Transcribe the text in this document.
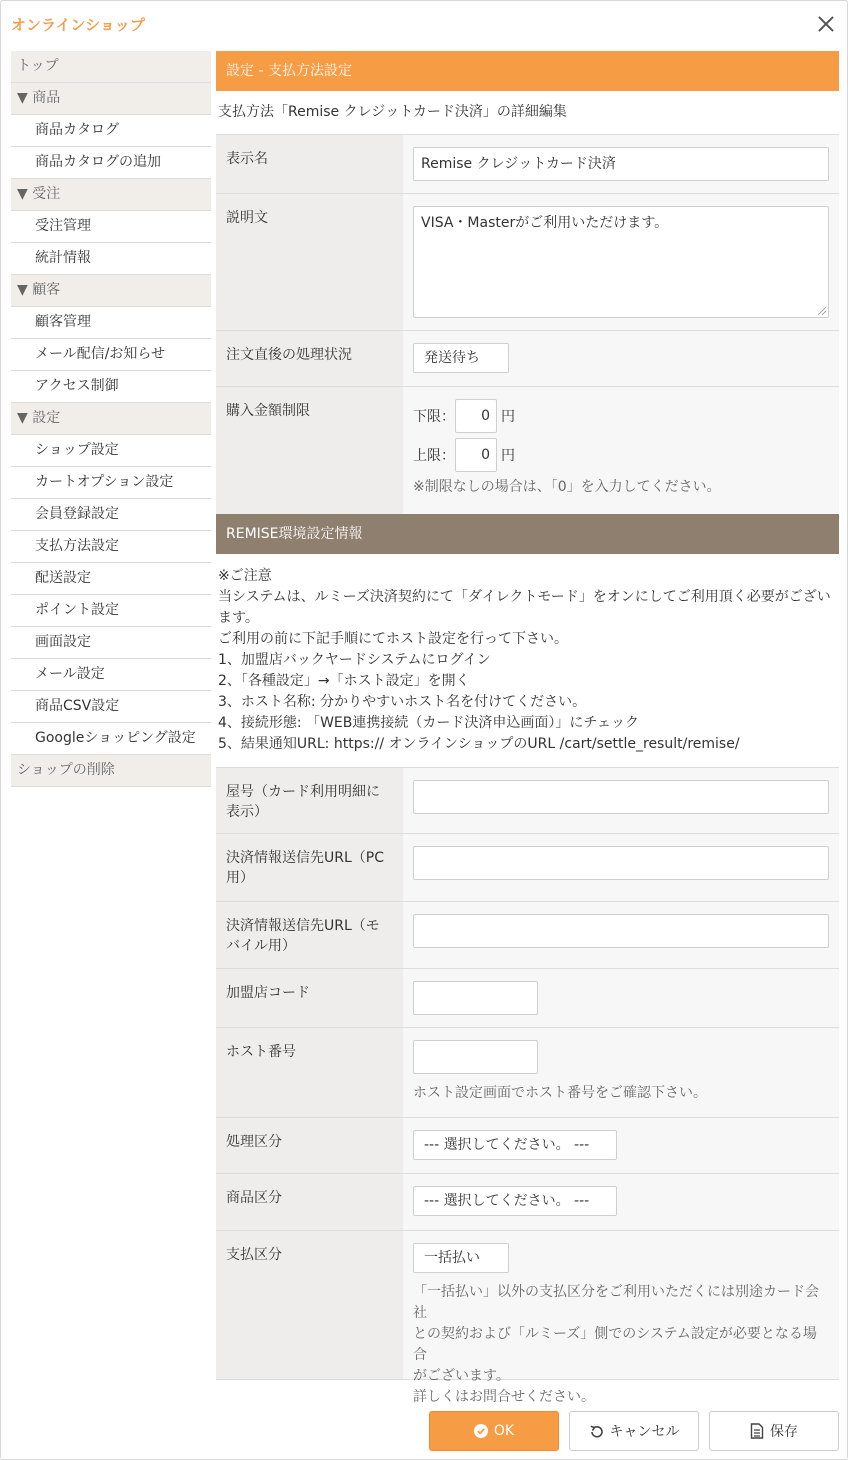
オンラインショップ
トップ
▼ 商品
商品カタログ
商品カタログの追加
▼ 受注
受注管理
統計情報
▼ 顧客
顧客管理
メール配信/お知らせ
アクセス制御
▼ 設定
ショップ設定
カートオプション設定
会員登録設定
支払方法設定
配送設定
ポイント設定
画面設定
メール設定
商品CSV設定
Googleショッピング設定
ショップの削除
設定 - 支払方法設定
支払方法「Remise クレジットカード決済」の詳細編集
表示名	Remise クレジットカード決済
説明文	VISA・Masterがご利用いただけます。
注文直後の処理状況	発送待ち
購入金額制限	下限：	0 円
上限：	0 円
※制限なしの場合は、「0」を入力してください。
REMISE環境設定情報
※ご注意
当システムは、ルミーズ決済契約にて「ダイレクトモード」をオンにしてご利用頂く必要がございます。
ご利用の前に下記手順にてホスト設定を行って下さい。
1、加盟店バックヤードシステムにログイン
2、「各種設定」→「ホスト設定」を開く
3、ホスト名称: 分かりやすいホスト名を付けてください。
4、接続形態: 「WEB連携接続（カード決済申込画面）」にチェック
5、結果通知URL: https:// オンラインショップのURL /cart/settle_result/remise/
屋号（カード利用明細に表示）
決済情報送信先URL（PC用）
決済情報送信先URL（モバイル用）
加盟店コード
ホスト番号
ホスト設定画面でホスト番号をご確認下さい。
処理区分	--- 選択してください。 ---
商品区分	--- 選択してください。 ---
支払区分	一括払い
「一括払い」以外の支払区分をご利用いただくには別途カード会社
との契約および「ルミーズ」側でのシステム設定が必要となる場合
がございます。
詳しくはお問合せください。
OK	キャンセル	保存
